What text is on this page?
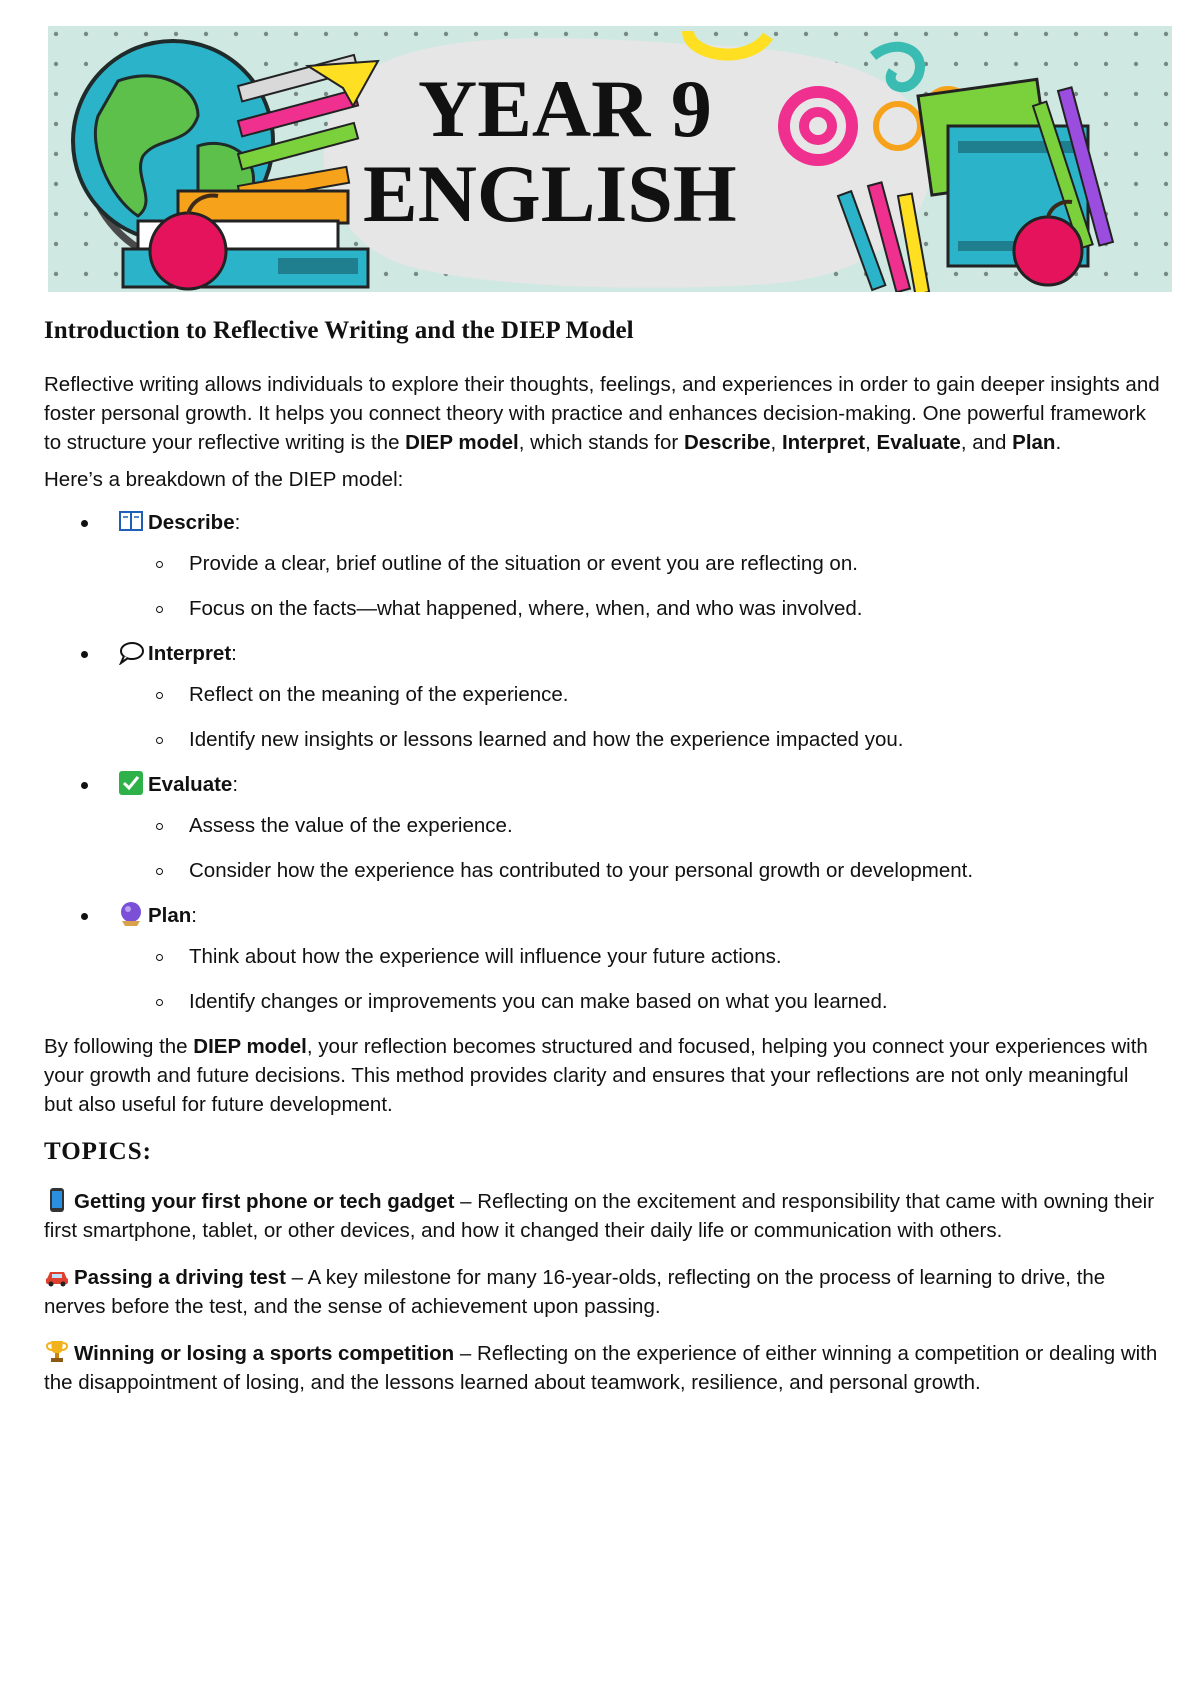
YEAR 9
ENGLISH
Introduction to Reflective Writing and the DIEP Model

Reflective writing allows individuals to explore their thoughts, feelings, and experiences in order to gain deeper insights and foster personal growth. It helps you connect theory with practice and enhances decision-making. One powerful framework to structure your reflective writing is the DIEP model, which stands for Describe, Interpret, Evaluate, and Plan.

Here’s a breakdown of the DIEP model:

Describe:
Provide a clear, brief outline of the situation or event you are reflecting on.
Focus on the facts—what happened, where, when, and who was involved.
Interpret:
Reflect on the meaning of the experience.
Identify new insights or lessons learned and how the experience impacted you.
Evaluate:
Assess the value of the experience.
Consider how the experience has contributed to your personal growth or development.
Plan:
Think about how the experience will influence your future actions.
Identify changes or improvements you can make based on what you learned.

By following the DIEP model, your reflection becomes structured and focused, helping you connect your experiences with your growth and future decisions. This method provides clarity and ensures that your reflections are not only meaningful but also useful for future development.

TOPICS:

Getting your first phone or tech gadget – Reflecting on the excitement and responsibility that came with owning their first smartphone, tablet, or other devices, and how it changed their daily life or communication with others.

Passing a driving test – A key milestone for many 16-year-olds, reflecting on the process of learning to drive, the nerves before the test, and the sense of achievement upon passing.

Winning or losing a sports competition – Reflecting on the experience of either winning a competition or dealing with the disappointment of losing, and the lessons learned about teamwork, resilience, and personal growth.
